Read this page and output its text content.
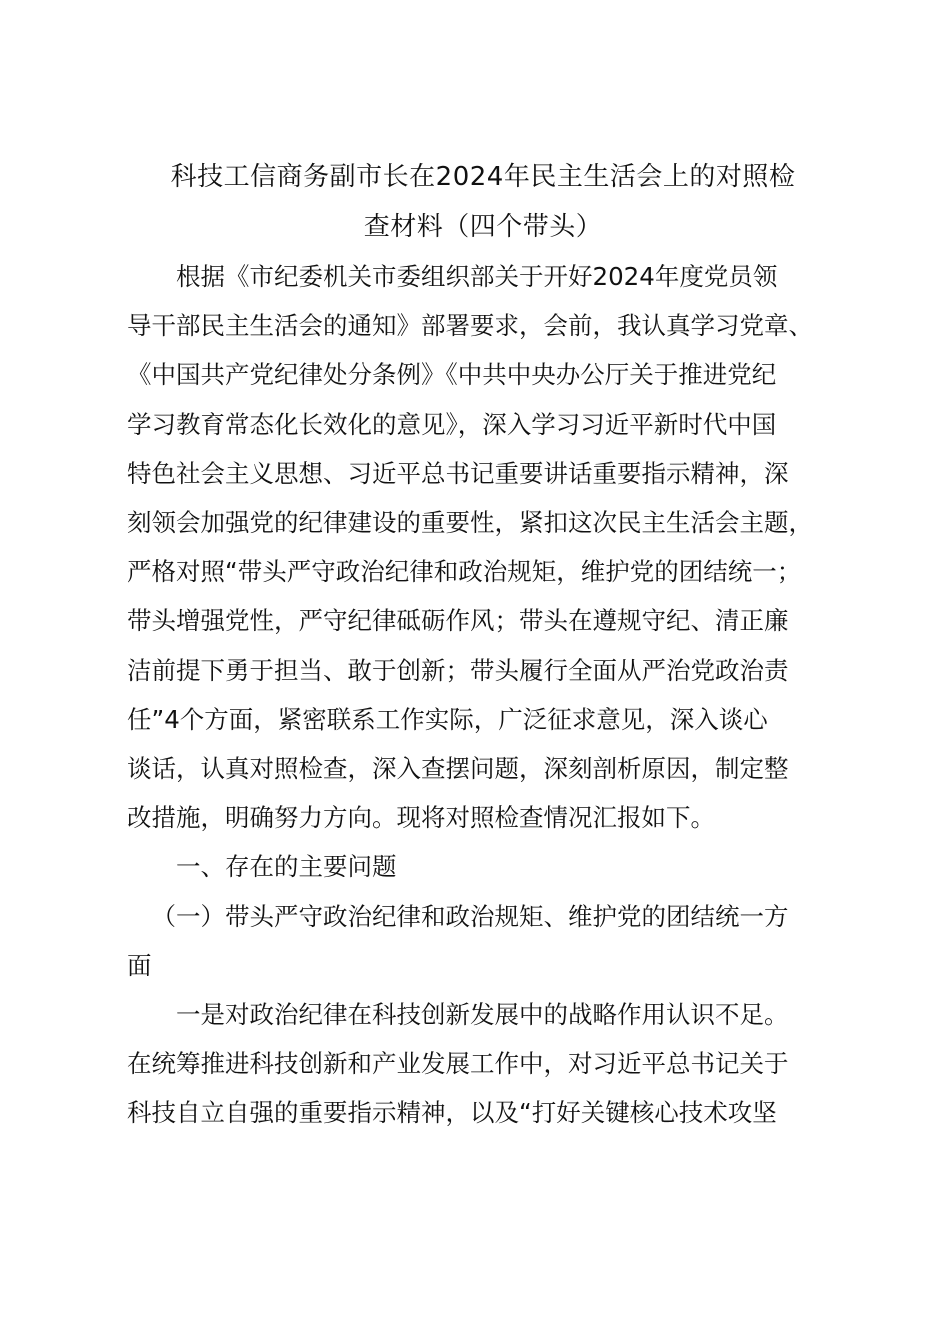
科技工信商务副市长在2024年民主生活会上的对照检
查材料（四个带头）

根据《市纪委机关市委组织部关于开好2024年度党员领
导干部民主生活会的通知》部署要求，会前，我认真学习党章、
《中国共产党纪律处分条例》《中共中央办公厅关于推进党纪
学习教育常态化长效化的意见》，深入学习习近平新时代中国
特色社会主义思想、习近平总书记重要讲话重要指示精神，深
刻领会加强党的纪律建设的重要性，紧扣这次民主生活会主题，
严格对照“带头严守政治纪律和政治规矩，维护党的团结统一；
带头增强党性，严守纪律砥砺作风；带头在遵规守纪、清正廉
洁前提下勇于担当、敢于创新；带头履行全面从严治党政治责
任”4个方面，紧密联系工作实际，广泛征求意见，深入谈心
谈话，认真对照检查，深入查摆问题，深刻剖析原因，制定整
改措施，明确努力方向。现将对照检查情况汇报如下。

一、存在的主要问题

（一）带头严守政治纪律和政治规矩、维护党的团结统一方
面

一是对政治纪律在科技创新发展中的战略作用认识不足。
在统筹推进科技创新和产业发展工作中，对习近平总书记关于
科技自立自强的重要指示精神，以及“打好关键核心技术攻坚
